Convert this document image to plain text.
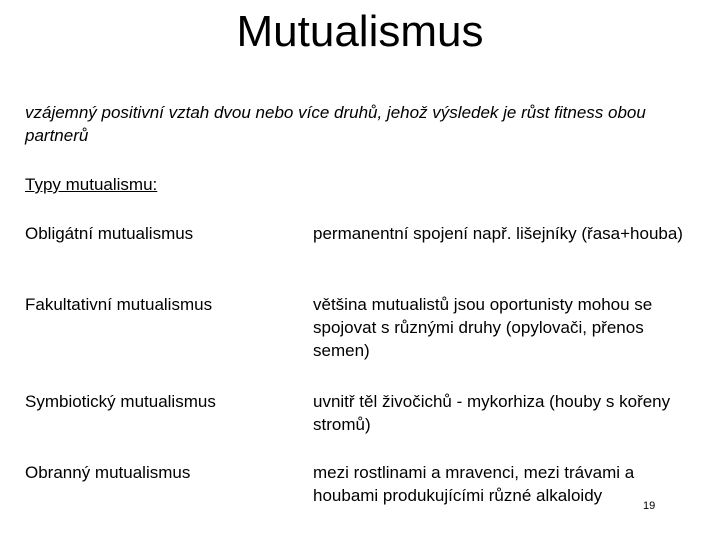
Mutualismus
vzájemný positivní vztah dvou nebo více druhů, jehož výsledek je růst fitness obou partnerů
Typy mutualismu:
Obligátní mutualismus	permanentní spojení např. lišejníky (řasa+houba)
Fakultativní mutualismus	většina mutualistů jsou oportunisty mohou se spojovat s různými druhy (opylovači, přenos semen)
Symbiotický mutualismus	uvnitř těl živočichů - mykorhiza (houby s kořeny stromů)
Obranný mutualismus	mezi rostlinami a mravenci, mezi trávami a houbami produkujícími různé alkaloidy
19
